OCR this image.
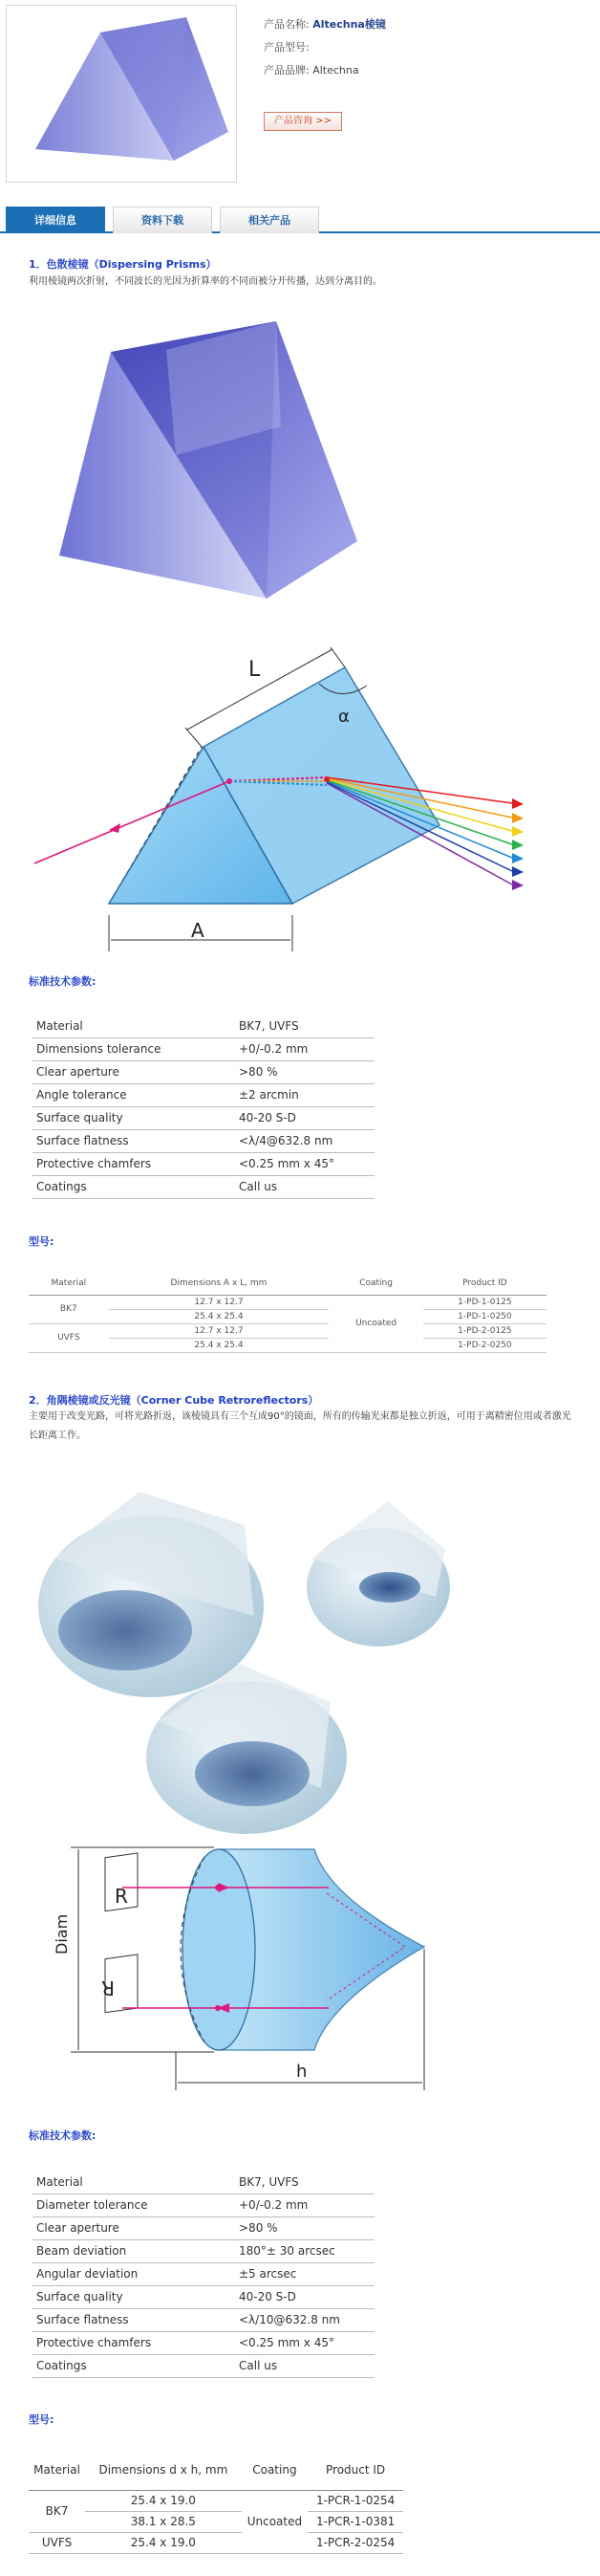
产品名称: Altechna棱镜
产品型号:
产品品牌: Altechna
产品咨询 >>
详细信息	资料下载	相关产品
1．色散棱镜（Dispersing Prisms）
利用棱镜两次折射，不同波长的光因为折算率的不同而被分开传播，达到分离目的。
L
α
A
标准技术参数:
Material	BK7, UVFS
Dimensions tolerance	+0/-0.2 mm
Clear aperture	>80 %
Angle tolerance	±2 arcmin
Surface quality	40-20 S-D
Surface flatness	<λ/4@632.8 nm
Protective chamfers	<0.25 mm x 45°
Coatings	Call us
型号:
Material	Dimensions A x L, mm	Coating	Product ID
BK7	12.7 x 12.7	Uncoated	1-PD-1-0125
	25.4 x 25.4		1-PD-1-0250
UVFS	12.7 x 12.7		1-PD-2-0125
	25.4 x 25.4		1-PD-2-0250
2．角隅棱镜或反光镜（Corner Cube Retroreflectors）
主要用于改变光路，可将光路折返，该棱镜具有三个互成90°的镜面，所有的传输光束都是独立折返，可用于离精密位用或者激光长距离工作。
Diam
R
R
h
标准技术参数:
Material	BK7, UVFS
Diameter tolerance	+0/-0.2 mm
Clear aperture	>80 %
Beam deviation	180°± 30 arcsec
Angular deviation	±5 arcsec
Surface quality	40-20 S-D
Surface flatness	<λ/10@632.8 nm
Protective chamfers	<0.25 mm x 45°
Coatings	Call us
型号:
Material	Dimensions d x h, mm	Coating	Product ID
BK7	25.4 x 19.0	Uncoated	1-PCR-1-0254
	38.1 x 28.5		1-PCR-1-0381
UVFS	25.4 x 19.0		1-PCR-2-0254
